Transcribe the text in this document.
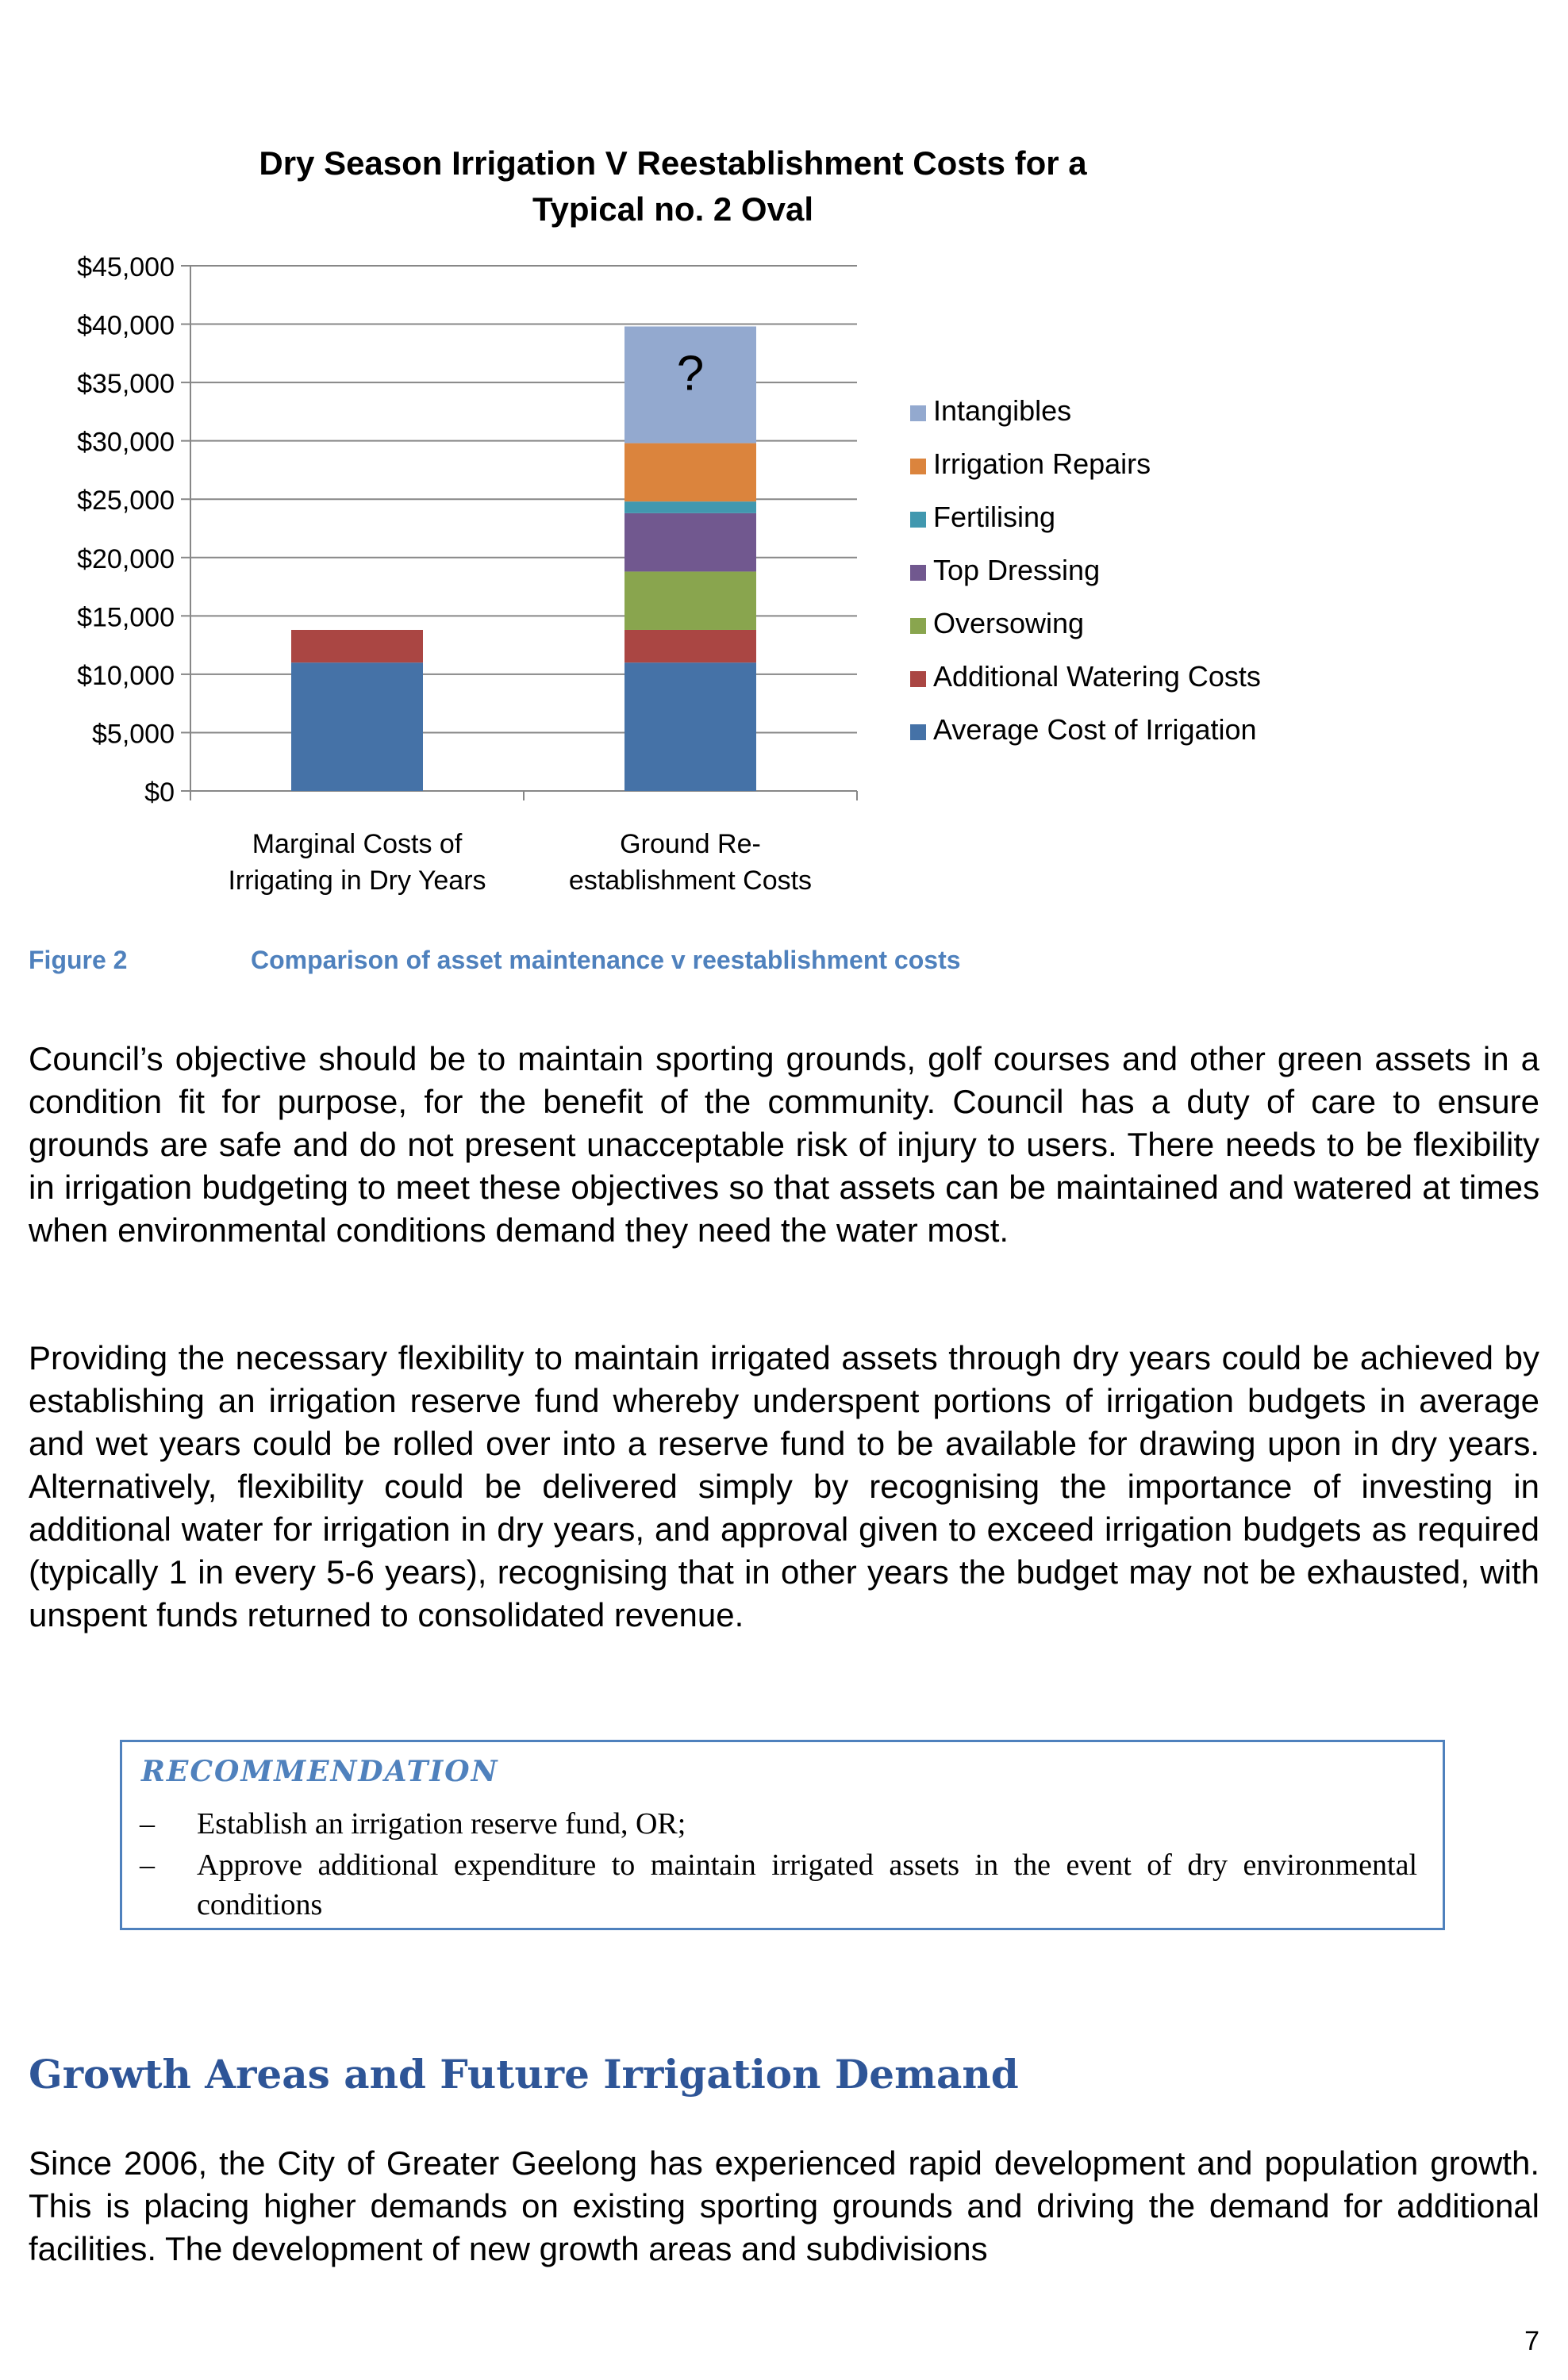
Dry Season Irrigation V Reestablishment Costs for a
Typical no. 2 Oval
$0
$5,000
$10,000
$15,000
$20,000
$25,000
$30,000
$35,000
$40,000
$45,000
Marginal Costs of
Irrigating in Dry Years
Ground Re-
establishment Costs
?
Intangibles
Irrigation Repairs
Fertilising
Top Dressing
Oversowing
Additional Watering Costs
Average Cost of Irrigation
Figure 2	Comparison of asset maintenance v reestablishment costs

Council’s objective should be to maintain sporting grounds, golf courses and other green assets in a condition fit for purpose, for the benefit of the community. Council has a duty of care to ensure grounds are safe and do not present unacceptable risk of injury to users. There needs to be flexibility in irrigation budgeting to meet these objectives so that assets can be maintained and watered at times when environmental conditions demand they need the water most.

Providing the necessary flexibility to maintain irrigated assets through dry years could be achieved by establishing an irrigation reserve fund whereby underspent portions of irrigation budgets in average and wet years could be rolled over into a reserve fund to be available for drawing upon in dry years. Alternatively, flexibility could be delivered simply by recognising the importance of investing in additional water for irrigation in dry years, and approval given to exceed irrigation budgets as required (typically 1 in every 5-6 years), recognising that in other years the budget may not be exhausted, with unspent funds returned to consolidated revenue.

RECOMMENDATION
– Establish an irrigation reserve fund, OR;
– Approve additional expenditure to maintain irrigated assets in the event of dry environmental conditions
Growth Areas and Future Irrigation Demand

Since 2006, the City of Greater Geelong has experienced rapid development and population growth. This is placing higher demands on existing sporting grounds and driving the demand for additional facilities. The development of new growth areas and subdivisions

7
